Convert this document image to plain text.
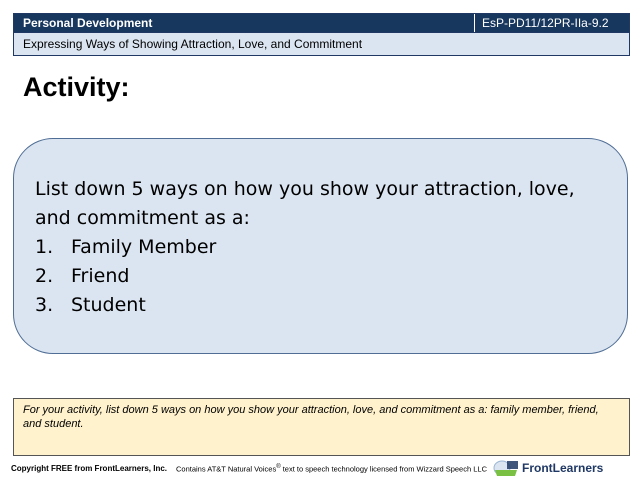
Personal Development	EsP-PD11/12PR-IIa-9.2
Expressing Ways of Showing Attraction, Love, and Commitment
Activity:
List down 5 ways on how you show your attraction, love, and commitment as a:
1. Family Member
2. Friend
3. Student
For your activity, list down 5 ways on how you show your attraction, love, and commitment as a: family member, friend, and student.
Copyright FREE from FrontLearners, Inc. Contains AT&T Natural Voices® text to speech technology licensed from Wizzard Speech LLC	FrontLearners
